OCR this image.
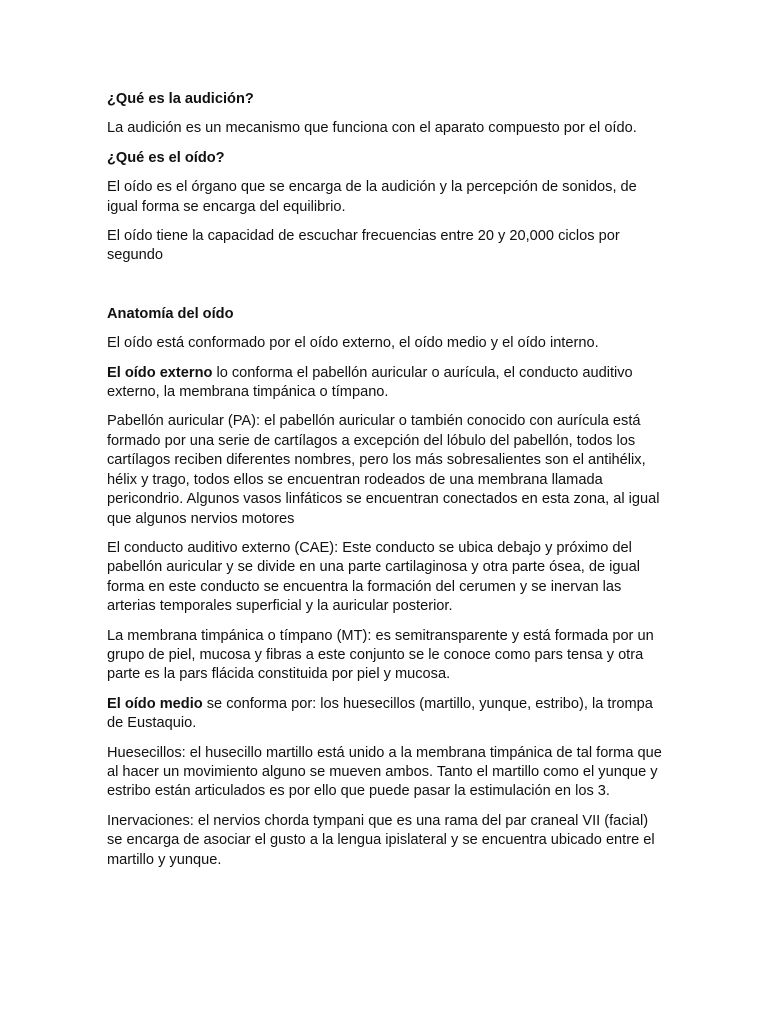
¿Qué es la audición?

La audición es un mecanismo que funciona con el aparato compuesto por el oído.

¿Qué es el oído?

El oído es el órgano que se encarga de la audición y la percepción de sonidos, de igual forma se encarga del equilibrio.

El oído tiene la capacidad de escuchar frecuencias entre 20 y 20,000 ciclos por segundo

Anatomía del oído

El oído está conformado por el oído externo, el oído medio y el oído interno.

El oído externo lo conforma el pabellón auricular o aurícula, el conducto auditivo externo, la membrana timpánica o tímpano.

Pabellón auricular (PA): el pabellón auricular o también conocido con aurícula está formado por una serie de cartílagos a excepción del lóbulo del pabellón, todos los cartílagos reciben diferentes nombres, pero los más sobresalientes son el antihélix, hélix y trago, todos ellos se encuentran rodeados de una membrana llamada pericondrio. Algunos vasos linfáticos se encuentran conectados en esta zona, al igual que algunos nervios motores

El conducto auditivo externo (CAE): Este conducto se ubica debajo y próximo del pabellón auricular y se divide en una parte cartilaginosa y otra parte ósea, de igual forma en este conducto se encuentra la formación del cerumen y se inervan las arterias temporales superficial y la auricular posterior.

La membrana timpánica o tímpano (MT): es semitransparente y está formada por un grupo de piel, mucosa y fibras a este conjunto se le conoce como pars tensa y otra parte es la pars flácida constituida por piel y mucosa.

El oído medio se conforma por: los huesecillos (martillo, yunque, estribo), la trompa de Eustaquio.

Huesecillos: el husecillo martillo está unido a la membrana timpánica de tal forma que al hacer un movimiento alguno se mueven ambos. Tanto el martillo como el yunque y estribo están articulados es por ello que puede pasar la estimulación en los 3.

Inervaciones: el nervios chorda tympani que es una rama del par craneal VII (facial) se encarga de asociar el gusto a la lengua ipislateral y se encuentra ubicado entre el martillo y yunque.
